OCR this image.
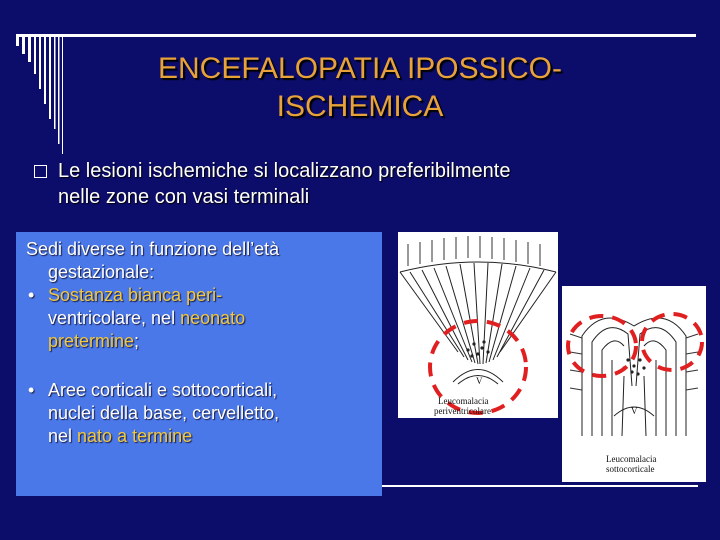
ENCEFALOPATIA IPOSSICO-
ISCHEMICA
Le lesioni ischemiche si localizzano preferibilmente
nelle zone con vasi terminali
Sedi diverse in funzione dell’età
gestazionale:
• Sostanza bianca peri-
ventricolare, nel neonato
pretermine;
• Aree corticali e sottocorticali,
nuclei della base, cervelletto,
nel nato a termine
V
Leucomalacia
periventricolare	V
Leucomalacia
sottocorticale
